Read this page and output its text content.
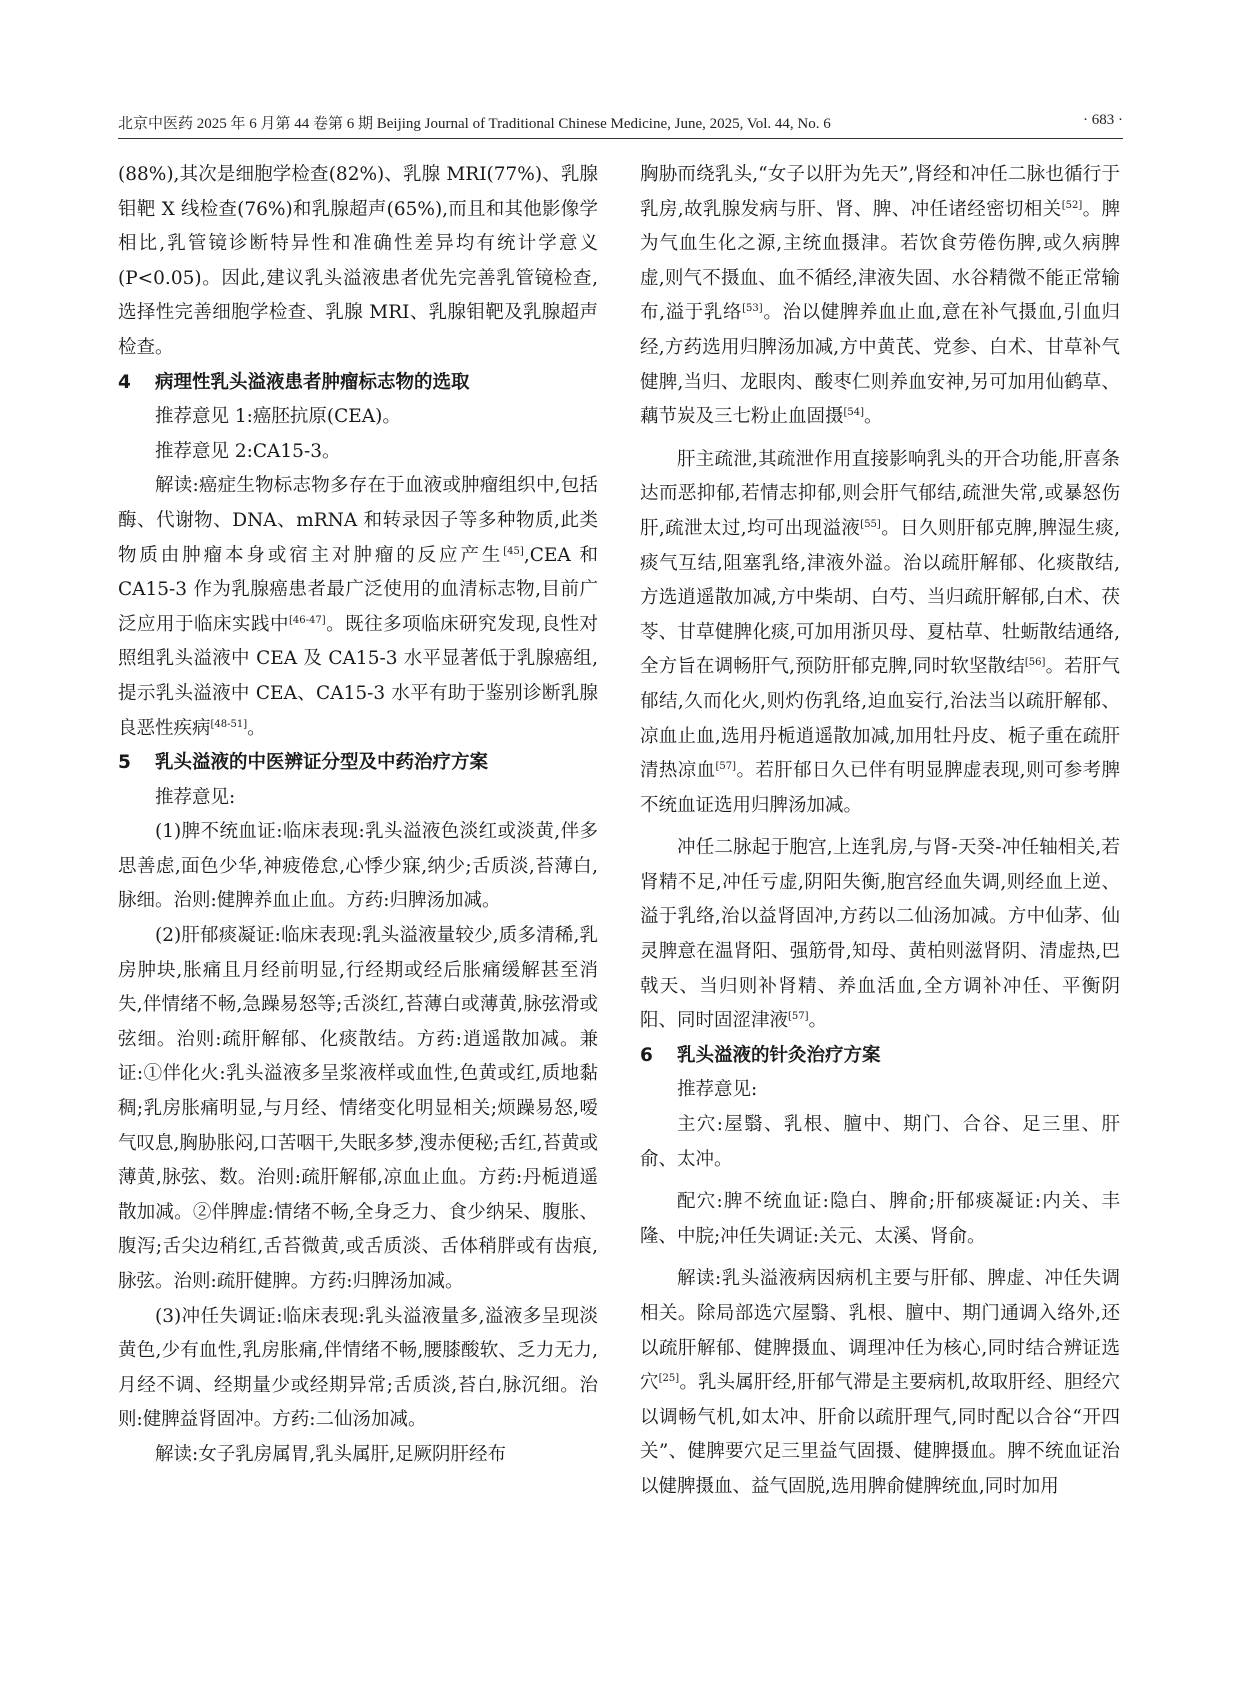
北京中医药 2025 年 6 月第 44 卷第 6 期 Beijing Journal of Traditional Chinese Medicine, June, 2025, Vol. 44, No. 6	· 683 ·

(88%),其次是细胞学检查(82%)、乳腺 MRI(77%)、乳腺钼靶 X 线检查(76%)和乳腺超声(65%),而且和其他影像学相比,乳管镜诊断特异性和准确性差异均有统计学意义(P<0.05)。因此,建议乳头溢液患者优先完善乳管镜检查,选择性完善细胞学检查、乳腺 MRI、乳腺钼靶及乳腺超声检查。

4 病理性乳头溢液患者肿瘤标志物的选取

推荐意见 1:癌胚抗原(CEA)。

推荐意见 2:CA15-3。

解读:癌症生物标志物多存在于血液或肿瘤组织中,包括酶、代谢物、DNA、mRNA 和转录因子等多种物质,此类物质由肿瘤本身或宿主对肿瘤的反应产生[45],CEA 和 CA15-3 作为乳腺癌患者最广泛使用的血清标志物,目前广泛应用于临床实践中[46-47]。既往多项临床研究发现,良性对照组乳头溢液中 CEA 及 CA15-3 水平显著低于乳腺癌组,提示乳头溢液中 CEA、CA15-3 水平有助于鉴别诊断乳腺良恶性疾病[48-51]。

5 乳头溢液的中医辨证分型及中药治疗方案

推荐意见:

(1)脾不统血证:临床表现:乳头溢液色淡红或淡黄,伴多思善虑,面色少华,神疲倦怠,心悸少寐,纳少;舌质淡,苔薄白,脉细。治则:健脾养血止血。方药:归脾汤加减。

(2)肝郁痰凝证:临床表现:乳头溢液量较少,质多清稀,乳房肿块,胀痛且月经前明显,行经期或经后胀痛缓解甚至消失,伴情绪不畅,急躁易怒等;舌淡红,苔薄白或薄黄,脉弦滑或弦细。治则:疏肝解郁、化痰散结。方药:逍遥散加减。兼证:①伴化火:乳头溢液多呈浆液样或血性,色黄或红,质地黏稠;乳房胀痛明显,与月经、情绪变化明显相关;烦躁易怒,嗳气叹息,胸胁胀闷,口苦咽干,失眠多梦,溲赤便秘;舌红,苔黄或薄黄,脉弦、数。治则:疏肝解郁,凉血止血。方药:丹栀逍遥散加减。②伴脾虚:情绪不畅,全身乏力、食少纳呆、腹胀、腹泻;舌尖边稍红,舌苔微黄,或舌质淡、舌体稍胖或有齿痕,脉弦。治则:疏肝健脾。方药:归脾汤加减。

(3)冲任失调证:临床表现:乳头溢液量多,溢液多呈现淡黄色,少有血性,乳房胀痛,伴情绪不畅,腰膝酸软、乏力无力,月经不调、经期量少或经期异常;舌质淡,苔白,脉沉细。治则:健脾益肾固冲。方药:二仙汤加减。

解读:女子乳房属胃,乳头属肝,足厥阴肝经布

胸胁而绕乳头,“女子以肝为先天”,肾经和冲任二脉也循行于乳房,故乳腺发病与肝、肾、脾、冲任诸经密切相关[52]。脾为气血生化之源,主统血摄津。若饮食劳倦伤脾,或久病脾虚,则气不摄血、血不循经,津液失固、水谷精微不能正常输布,溢于乳络[53]。治以健脾养血止血,意在补气摄血,引血归经,方药选用归脾汤加减,方中黄芪、党参、白术、甘草补气健脾,当归、龙眼肉、酸枣仁则养血安神,另可加用仙鹤草、藕节炭及三七粉止血固摄[54]。

肝主疏泄,其疏泄作用直接影响乳头的开合功能,肝喜条达而恶抑郁,若情志抑郁,则会肝气郁结,疏泄失常,或暴怒伤肝,疏泄太过,均可出现溢液[55]。日久则肝郁克脾,脾湿生痰,痰气互结,阻塞乳络,津液外溢。治以疏肝解郁、化痰散结,方选逍遥散加减,方中柴胡、白芍、当归疏肝解郁,白术、茯苓、甘草健脾化痰,可加用浙贝母、夏枯草、牡蛎散结通络,全方旨在调畅肝气,预防肝郁克脾,同时软坚散结[56]。若肝气郁结,久而化火,则灼伤乳络,迫血妄行,治法当以疏肝解郁、凉血止血,选用丹栀逍遥散加减,加用牡丹皮、栀子重在疏肝清热凉血[57]。若肝郁日久已伴有明显脾虚表现,则可参考脾不统血证选用归脾汤加减。

冲任二脉起于胞宫,上连乳房,与肾-天癸-冲任轴相关,若肾精不足,冲任亏虚,阴阳失衡,胞宫经血失调,则经血上逆、溢于乳络,治以益肾固冲,方药以二仙汤加减。方中仙茅、仙灵脾意在温肾阳、强筋骨,知母、黄柏则滋肾阴、清虚热,巴戟天、当归则补肾精、养血活血,全方调补冲任、平衡阴阳、同时固涩津液[57]。

6 乳头溢液的针灸治疗方案

推荐意见:

主穴:屋翳、乳根、膻中、期门、合谷、足三里、肝俞、太冲。

配穴:脾不统血证:隐白、脾俞;肝郁痰凝证:内关、丰隆、中脘;冲任失调证:关元、太溪、肾俞。

解读:乳头溢液病因病机主要与肝郁、脾虚、冲任失调相关。除局部选穴屋翳、乳根、膻中、期门通调入络外,还以疏肝解郁、健脾摄血、调理冲任为核心,同时结合辨证选穴[25]。乳头属肝经,肝郁气滞是主要病机,故取肝经、胆经穴以调畅气机,如太冲、肝俞以疏肝理气,同时配以合谷“开四关”、健脾要穴足三里益气固摄、健脾摄血。脾不统血证治以健脾摄血、益气固脱,选用脾俞健脾统血,同时加用
